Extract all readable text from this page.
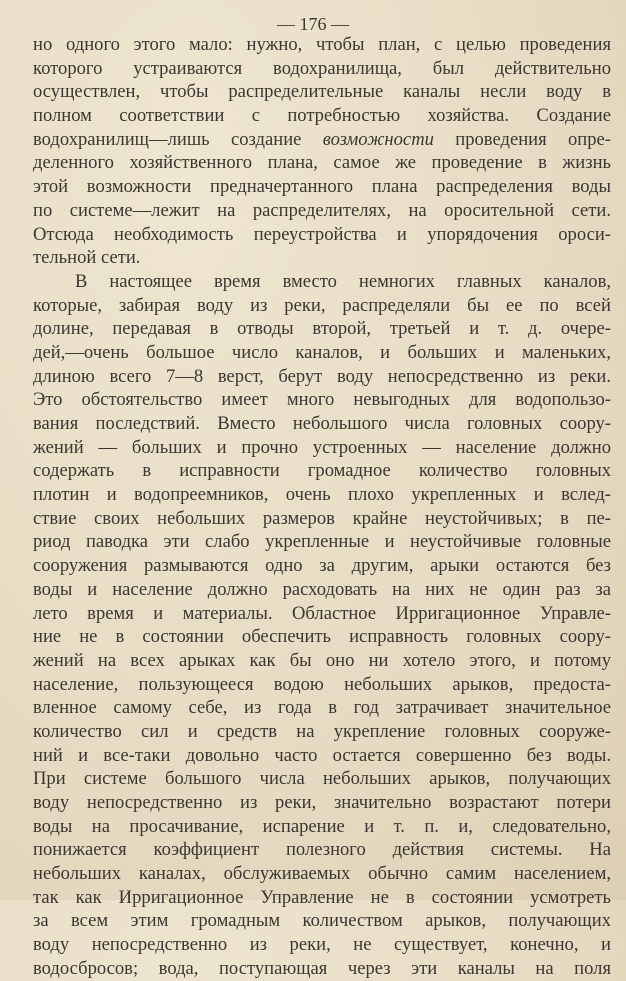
— 176 —
но одного этого мало: нужно, чтобы план, с целью проведения
которого устраиваются водохранилища, был действительно
осуществлен, чтобы распределительные каналы несли воду в
полном соответствии с потребностью хозяйства. Создание
водохранилищ—лишь создание возможности проведения опре-
деленного хозяйственного плана, самое же проведение в жизнь
этой возможности предначертанного плана распределения воды
по системе—лежит на распределителях, на оросительной сети.
Отсюда необходимость переустройства и упорядочения ороси-
тельной сети.
В настоящее время вместо немногих главных каналов,
которые, забирая воду из реки, распределяли бы ее по всей
долине, передавая в отводы второй, третьей и т. д. очере-
дей,—очень большое число каналов, и больших и маленьких,
длиною всего 7—8 верст, берут воду непосредственно из реки.
Это обстоятельство имеет много невыгодных для водопользо-
вания последствий. Вместо небольшого числа головных соору-
жений — больших и прочно устроенных — население должно
содержать в исправности громадное количество головных
плотин и водопреемников, очень плохо укрепленных и вслед-
ствие своих небольших размеров крайне неустойчивых; в пе-
риод паводка эти слабо укрепленные и неустойчивые головные
сооружения размываются одно за другим, арыки остаются без
воды и население должно расходовать на них не один раз за
лето время и материалы. Областное Ирригационное Управле-
ние не в состоянии обеспечить исправность головных соору-
жений на всех арыках как бы оно ни хотело этого, и потому
население, пользующееся водою небольших арыков, предоста-
вленное самому себе, из года в год затрачивает значительное
количество сил и средств на укрепление головных сооруже-
ний и все-таки довольно часто остается совершенно без воды.
При системе большого числа небольших арыков, получающих
воду непосредственно из реки, значительно возрастают потери
воды на просачивание, испарение и т. п. и, следовательно,
понижается коэффициент полезного действия системы. На
небольших каналах, обслуживаемых обычно самим населением,
так как Ирригационное Управление не в состоянии усмотреть
за всем этим громадным количеством арыков, получающих
воду непосредственно из реки, не существует, конечно, и
водосбросов; вода, поступающая через эти каналы на поля
